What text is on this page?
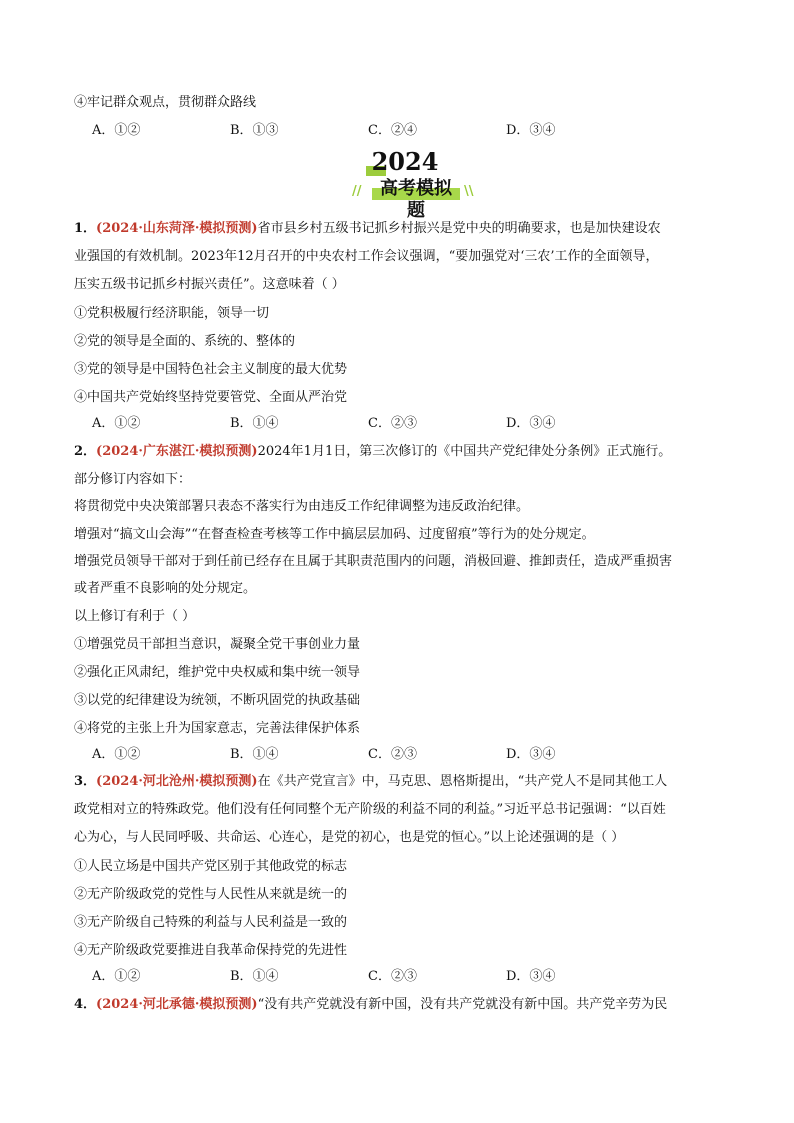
④牢记群众观点，贯彻群众路线
A．①②	B．①③	C．②④	D．③④
2024
//	高考模拟题
\\
1．(2024·山东菏泽·模拟预测)省市县乡村五级书记抓乡村振兴是党中央的明确要求，也是加快建设农
业强国的有效机制。2023年12月召开的中央农村工作会议强调，“要加强党对‘三农’工作的全面领导，
压实五级书记抓乡村振兴责任”。这意味着（ ）
①党积极履行经济职能，领导一切
②党的领导是全面的、系统的、整体的
③党的领导是中国特色社会主义制度的最大优势
④中国共产党始终坚持党要管党、全面从严治党
A．①②	B．①④	C．②③	D．③④
2．(2024·广东湛江·模拟预测)2024年1月1日，第三次修订的《中国共产党纪律处分条例》正式施行。
部分修订内容如下：
将贯彻党中央决策部署只表态不落实行为由违反工作纪律调整为违反政治纪律。
增强对“搞文山会海”“在督查检查考核等工作中搞层层加码、过度留痕”等行为的处分规定。
增强党员领导干部对于到任前已经存在且属于其职责范围内的问题，消极回避、推卸责任，造成严重损害
或者严重不良影响的处分规定。
以上修订有利于（ ）
①增强党员干部担当意识，凝聚全党干事创业力量
②强化正风肃纪，维护党中央权威和集中统一领导
③以党的纪律建设为统领，不断巩固党的执政基础
④将党的主张上升为国家意志，完善法律保护体系
A．①②	B．①④	C．②③	D．③④
3．(2024·河北沧州·模拟预测)在《共产党宣言》中，马克思、恩格斯提出，“共产党人不是同其他工人
政党相对立的特殊政党。他们没有任何同整个无产阶级的利益不同的利益。”习近平总书记强调：“以百姓
心为心，与人民同呼吸、共命运、心连心，是党的初心，也是党的恒心。”以上论述强调的是（ ）
①人民立场是中国共产党区别于其他政党的标志
②无产阶级政党的党性与人民性从来就是统一的
③无产阶级自己特殊的利益与人民利益是一致的
④无产阶级政党要推进自我革命保持党的先进性
A．①②	B．①④	C．②③	D．③④
4．(2024·河北承德·模拟预测)“没有共产党就没有新中国，没有共产党就没有新中国。共产党辛劳为民
